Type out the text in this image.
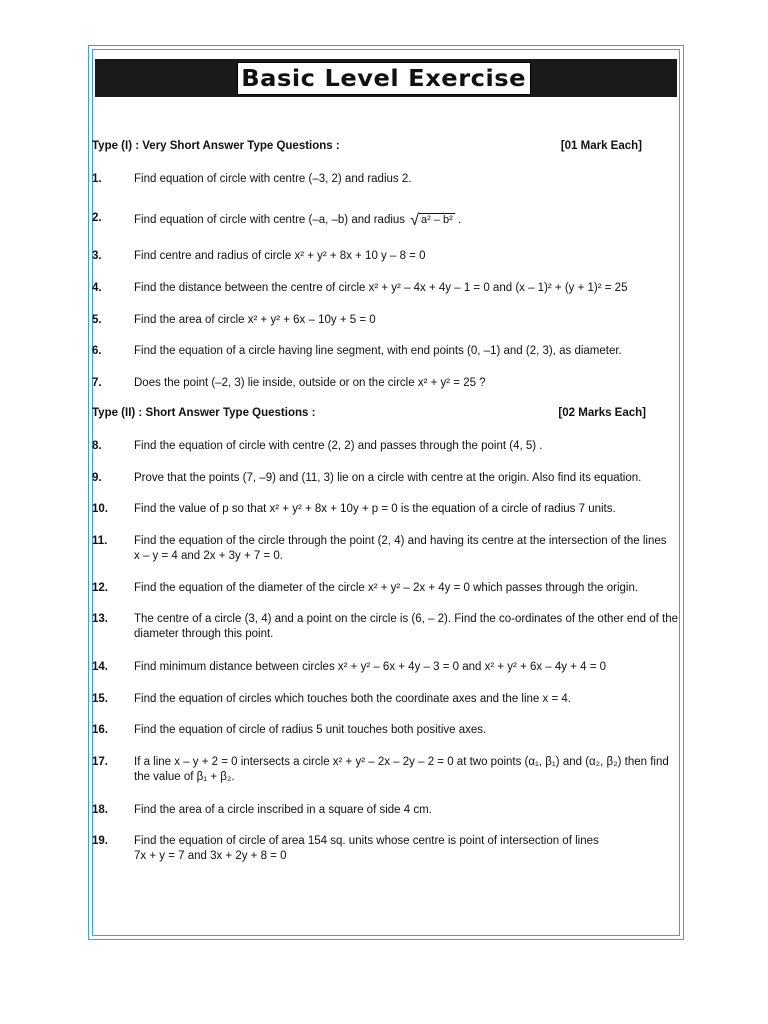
Basic Level Exercise
Type (I) : Very Short Answer Type Questions :	[01 Mark Each]
Type (II) : Short Answer Type Questions :	[02 Marks Each]
1.	Find equation of circle with centre (–3, 2) and radius 2.
2.	Find equation of circle with centre (–a, –b) and radius √ a² – b² .
3.	Find centre and radius of circle x² + y² + 8x + 10 y – 8 = 0
4.	Find the distance between the centre of circle x² + y² – 4x + 4y – 1 = 0 and (x – 1)² + (y + 1)² = 25
5.	Find the area of circle x² + y² + 6x – 10y + 5 = 0
6.	Find the equation of a circle having line segment, with end points (0, –1) and (2, 3), as diameter.
7.	Does the point (–2, 3) lie inside, outside or on the circle x² + y² = 25 ?
8.	Find the equation of circle with centre (2, 2) and passes through the point (4, 5) .
9.	Prove that the points (7, –9) and (11, 3) lie on a circle with centre at the origin. Also find its equation.
10. Find the value of p so that x² + y² + 8x + 10y + p = 0 is the equation of a circle of radius 7 units.
11. Find the equation of the circle through the point (2, 4) and having its centre at the intersection of the lines
x – y = 4 and 2x + 3y + 7 = 0.
12. Find the equation of the diameter of the circle x² + y² – 2x + 4y = 0 which passes through the origin.
13. The centre of a circle (3, 4) and a point on the circle is (6, – 2). Find the co-ordinates of the other end of the
diameter through this point.
14. Find minimum distance between circles x² + y² – 6x + 4y – 3 = 0 and x² + y² + 6x – 4y + 4 = 0
15. Find the equation of circles which touches both the coordinate axes and the line x = 4.
16. Find the equation of circle of radius 5 unit touches both positive axes.
17. If a line x – y + 2 = 0 intersects a circle x² + y² – 2x – 2y – 2 = 0 at two points (α₁, β₁) and (α₂, β₂) then find
the value of β₁ + β₂.
18. Find the area of a circle inscribed in a square of side 4 cm.
19. Find the equation of circle of area 154 sq. units whose centre is point of intersection of lines
7x + y = 7 and 3x + 2y + 8 = 0
